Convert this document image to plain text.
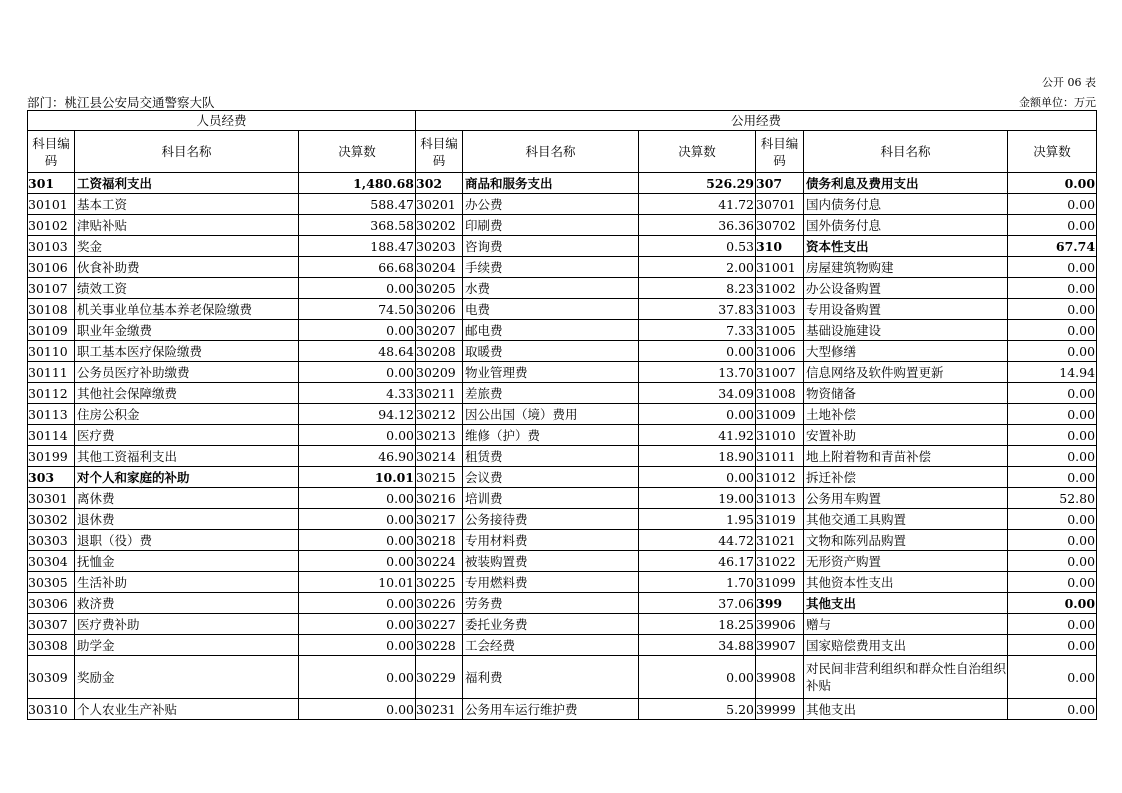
公开 06 表
部门：桃江县公安局交通警察大队	金额单位：万元
人员经费			公用经费					
科目编码	科目名称	决算数	科目编码	科目名称	决算数	科目编码	科目名称	决算数
301	工资福利支出	1,480.68	302	商品和服务支出	526.29	307	债务利息及费用支出	0.00
30101	基本工资	588.47	30201	办公费	41.72	30701	国内债务付息	0.00
30102	津贴补贴	368.58	30202	印刷费	36.36	30702	国外债务付息	0.00
30103	奖金	188.47	30203	咨询费	0.53	310	资本性支出	67.74
30106	伙食补助费	66.68	30204	手续费	2.00	31001	房屋建筑物购建	0.00
30107	绩效工资	0.00	30205	水费	8.23	31002	办公设备购置	0.00
30108	机关事业单位基本养老保险缴费	74.50	30206	电费	37.83	31003	专用设备购置	0.00
30109	职业年金缴费	0.00	30207	邮电费	7.33	31005	基础设施建设	0.00
30110	职工基本医疗保险缴费	48.64	30208	取暖费	0.00	31006	大型修缮	0.00
30111	公务员医疗补助缴费	0.00	30209	物业管理费	13.70	31007	信息网络及软件购置更新	14.94
30112	其他社会保障缴费	4.33	30211	差旅费	34.09	31008	物资储备	0.00
30113	住房公积金	94.12	30212	因公出国（境）费用	0.00	31009	土地补偿	0.00
30114	医疗费	0.00	30213	维修（护）费	41.92	31010	安置补助	0.00
30199	其他工资福利支出	46.90	30214	租赁费	18.90	31011	地上附着物和青苗补偿	0.00
303	对个人和家庭的补助	10.01	30215	会议费	0.00	31012	拆迁补偿	0.00
30301	离休费	0.00	30216	培训费	19.00	31013	公务用车购置	52.80
30302	退休费	0.00	30217	公务接待费	1.95	31019	其他交通工具购置	0.00
30303	退职（役）费	0.00	30218	专用材料费	44.72	31021	文物和陈列品购置	0.00
30304	抚恤金	0.00	30224	被装购置费	46.17	31022	无形资产购置	0.00
30305	生活补助	10.01	30225	专用燃料费	1.70	31099	其他资本性支出	0.00
30306	救济费	0.00	30226	劳务费	37.06	399	其他支出	0.00
30307	医疗费补助	0.00	30227	委托业务费	18.25	39906	赠与	0.00
30308	助学金	0.00	30228	工会经费	34.88	39907	国家赔偿费用支出	0.00
30309	奖励金	0.00	30229	福利费	0.00	39908	对民间非营利组织和群众性自治组织补贴	0.00
30310	个人农业生产补贴	0.00	30231	公务用车运行维护费	5.20	39999	其他支出	0.00
